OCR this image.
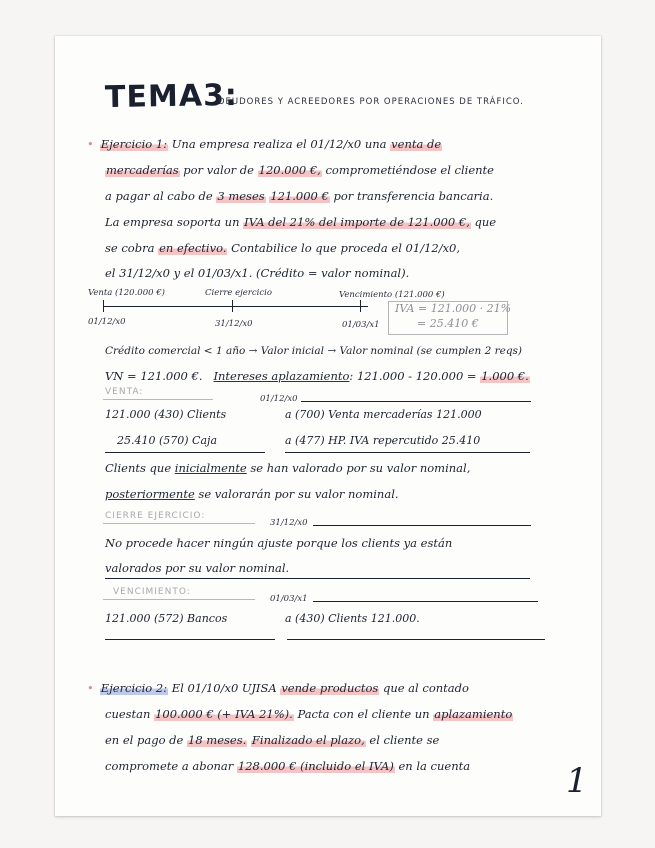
TEMA3:
DEUDORES Y ACREEDORES POR OPERACIONES DE TRÁFICO.
• Ejercicio 1: Una empresa realiza el 01/12/x0 una venta de
mercaderías por valor de 120.000 €, comprometiéndose el cliente
a pagar al cabo de 3 meses 121.000 € por transferencia bancaria.
La empresa soporta un IVA del 21% del importe de 121.000 €, que
se cobra en efectivo. Contabilice lo que proceda el 01/12/x0,
el 31/12/x0 y el 01/03/x1. (Crédito = valor nominal).
Venta (120.000 €)	Cierre ejercicio	Vencimiento (121.000 €)
01/12/x0	31/12/x0	01/03/x1
IVA = 121.000 · 21%
= 25.410 €
Crédito comercial < 1 año → Valor inicial → Valor nominal (se cumplen 2 reqs)
VN = 121.000 €. Intereses aplazamiento: 121.000 - 120.000 = 1.000 €.
VENTA:
01/12/x0
121.000 (430) Clients	a (700) Venta mercaderías 121.000
25.410 (570) Caja	a (477) HP. IVA repercutido 25.410
Clients que inicialmente se han valorado por su valor nominal,
posteriormente se valorarán por su valor nominal.
CIERRE EJERCICIO:
31/12/x0
No procede hacer ningún ajuste porque los clients ya están
valorados por su valor nominal.
VENCIMIENTO:
01/03/x1
121.000 (572) Bancos	a (430) Clients 121.000.
• Ejercicio 2: El 01/10/x0 UJISA vende productos que al contado
cuestan 100.000 € (+ IVA 21%). Pacta con el cliente un aplazamiento
en el pago de 18 meses. Finalizado el plazo, el cliente se
compromete a abonar 128.000 € (incluido el IVA) en la cuenta	1
